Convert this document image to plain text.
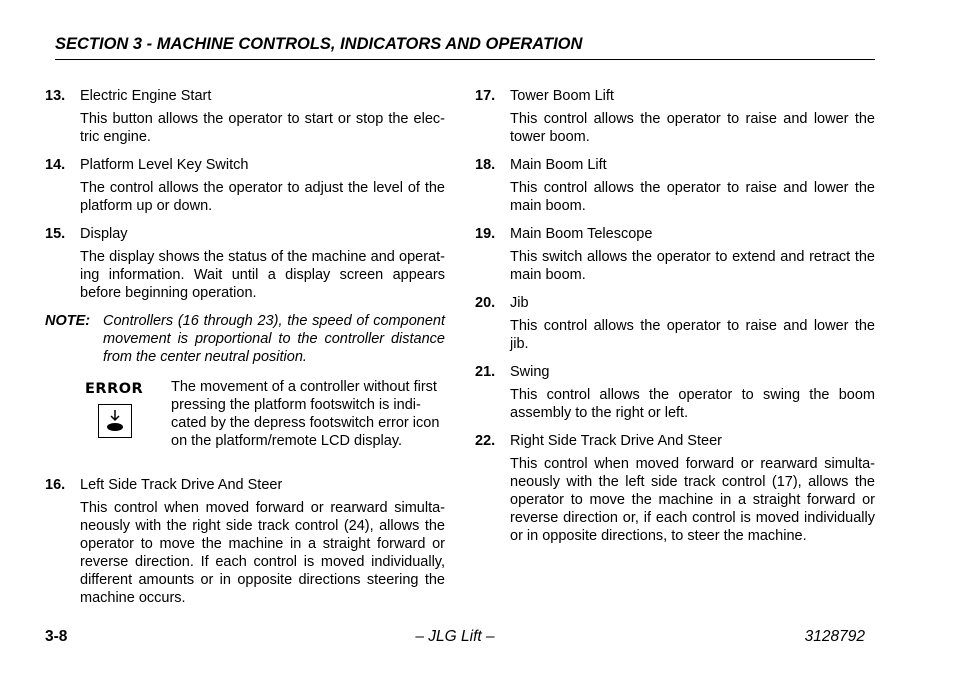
SECTION 3 - MACHINE CONTROLS, INDICATORS AND OPERATION
13.	Electric Engine Start
This button allows the operator to start or stop the elec-tric engine.
14.	Platform Level Key Switch
The control allows the operator to adjust the level of the platform up or down.
15.	Display
The display shows the status of the machine and operat-ing information. Wait until a display screen appears before beginning operation.
NOTE: Controllers (16 through 23), the speed of component movement is proportional to the controller distance from the center neutral position.
ERROR	The movement of a controller without first pressing the platform footswitch is indi-cated by the depress footswitch error icon on the platform/remote LCD display.
16.	Left Side Track Drive And Steer
This control when moved forward or rearward simulta-neously with the right side track control (24), allows the operator to move the machine in a straight forward or reverse direction. If each control is moved individually, different amounts or in opposite directions steering the machine occurs.
17.	Tower Boom Lift
This control allows the operator to raise and lower the tower boom.
18.	Main Boom Lift
This control allows the operator to raise and lower the main boom.
19.	Main Boom Telescope
This switch allows the operator to extend and retract the main boom.
20.	Jib
This control allows the operator to raise and lower the jib.
21.	Swing
This control allows the operator to swing the boom assembly to the right or left.
22.	Right Side Track Drive And Steer
This control when moved forward or rearward simulta-neously with the left side track control (17), allows the operator to move the machine in a straight forward or reverse direction or, if each control is moved individually or in opposite directions, to steer the machine.
3-8	– JLG Lift –	3128792
